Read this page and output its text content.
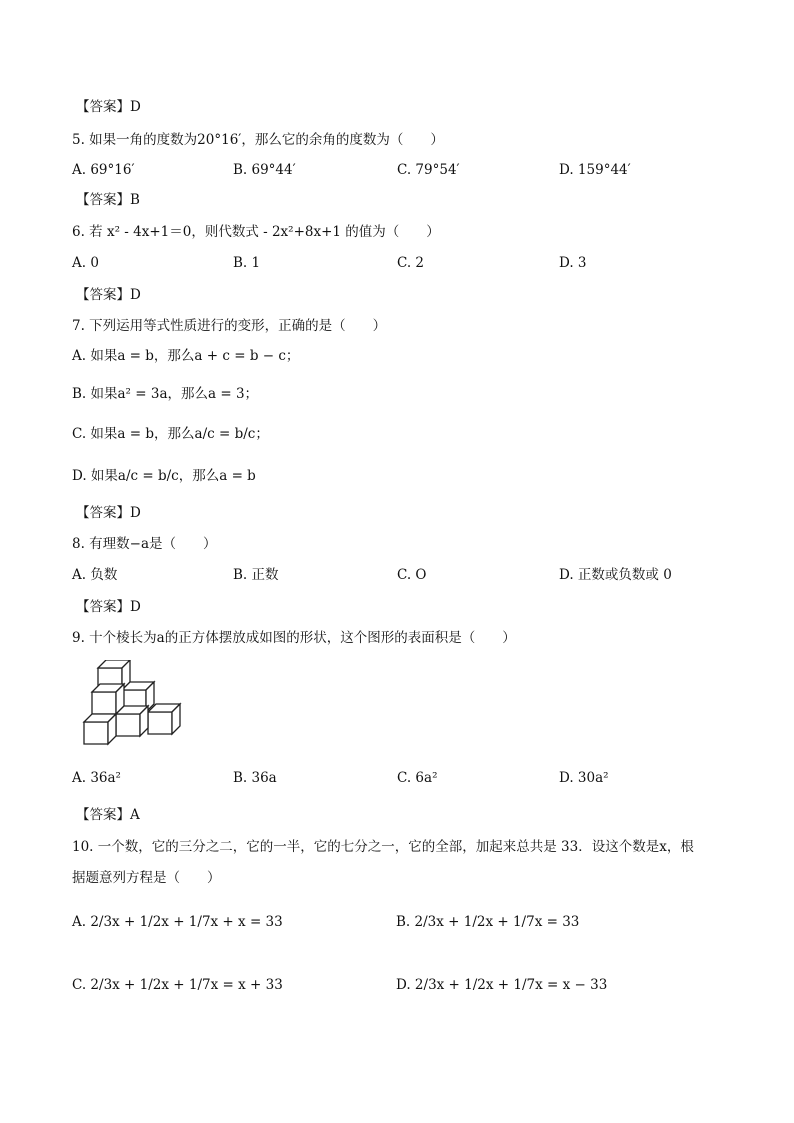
【答案】D
5. 如果一角的度数为20°16′，那么它的余角的度数为（　　）
A. 69°16′	B. 69°44′	C. 79°54′	D. 159°44′
【答案】B
6. 若 x² - 4x+1＝0，则代数式 - 2x²+8x+1 的值为（　　）
A. 0	B. 1	C. 2	D. 3
【答案】D
7. 下列运用等式性质进行的变形，正确的是（　　）
A. 如果a = b，那么a + c = b − c；
B. 如果a² = 3a，那么a = 3；
C. 如果a = b，那么a/c = b/c；
D. 如果a/c = b/c，那么a = b
【答案】D
8. 有理数−a是（　　）
A. 负数	B. 正数	C. O	D. 正数或负数或 0
【答案】D
9. 十个棱长为a的正方体摆放成如图的形状，这个图形的表面积是（　　）
A. 36a²	B. 36a	C. 6a²	D. 30a²
【答案】A
10. 一个数，它的三分之二，它的一半，它的七分之一，它的全部，加起来总共是 33．设这个数是x，根
据题意列方程是（　　）
A. 2/3x + 1/2x + 1/7x + x = 33	B. 2/3x + 1/2x + 1/7x = 33
C. 2/3x + 1/2x + 1/7x = x + 33	D. 2/3x + 1/2x + 1/7x = x − 33
